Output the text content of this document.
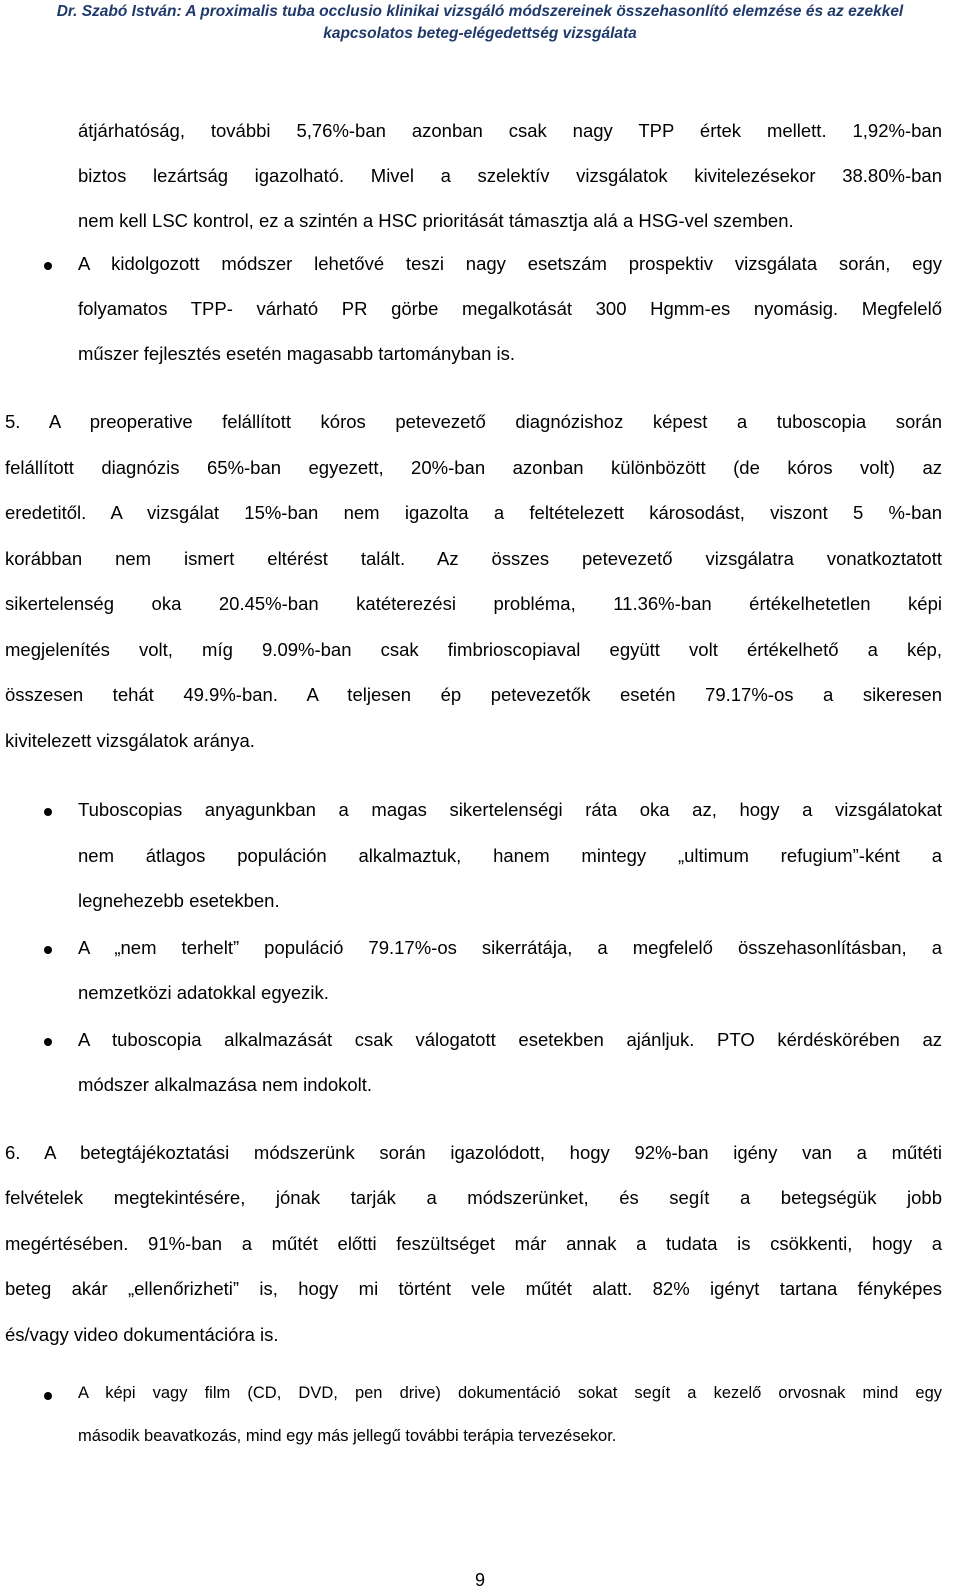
Dr. Szabó István: A proximalis tuba occlusio klinikai vizsgáló módszereinek összehasonlító elemzése és az ezekkel
kapcsolatos beteg-elégedettség vizsgálata
átjárhatóság, további 5,76%-ban azonban csak nagy TPP értek mellett. 1,92%-ban
biztos lezártság igazolható. Mivel a szelektív vizsgálatok kivitelezésekor 38.80%-ban
nem kell LSC kontrol, ez a szintén a HSC prioritását támasztja alá a HSG-vel szemben.
A kidolgozott módszer lehetővé teszi nagy esetszám prospektiv vizsgálata során, egy
folyamatos TPP- várható PR görbe megalkotását 300 Hgmm-es nyomásig. Megfelelő
műszer fejlesztés esetén magasabb tartományban is.
5. A preoperative felállított kóros petevezető diagnózishoz képest a tuboscopia során
felállított diagnózis 65%-ban egyezett, 20%-ban azonban különbözött (de kóros volt) az
eredetitől. A vizsgálat 15%-ban nem igazolta a feltételezett károsodást, viszont 5 %-ban
korábban nem ismert eltérést talált. Az összes petevezető vizsgálatra vonatkoztatott
sikertelenség oka 20.45%-ban katéterezési probléma, 11.36%-ban értékelhetetlen képi
megjelenítés volt, míg 9.09%-ban csak fimbrioscopiaval együtt volt értékelhető a kép,
összesen tehát 49.9%-ban. A teljesen ép petevezetők esetén 79.17%-os a sikeresen
kivitelezett vizsgálatok aránya.
Tuboscopias anyagunkban a magas sikertelenségi ráta oka az, hogy a vizsgálatokat
nem átlagos populáción alkalmaztuk, hanem mintegy „ultimum refugium”-ként a
legnehezebb esetekben.
A „nem terhelt” populáció 79.17%-os sikerrátája, a megfelelő összehasonlításban, a
nemzetközi adatokkal egyezik.
A tuboscopia alkalmazását csak válogatott esetekben ajánljuk. PTO kérdéskörében az
módszer alkalmazása nem indokolt.
6. A betegtájékoztatási módszerünk során igazolódott, hogy 92%-ban igény van a műtéti
felvételek megtekintésére, jónak tarják a módszerünket, és segít a betegségük jobb
megértésében. 91%-ban a műtét előtti feszültséget már annak a tudata is csökkenti, hogy a
beteg akár „ellenőrizheti” is, hogy mi történt vele műtét alatt. 82% igényt tartana fényképes
és/vagy video dokumentációra is.
A képi vagy film (CD, DVD, pen drive) dokumentáció sokat segít a kezelő orvosnak mind egy
második beavatkozás, mind egy más jellegű további terápia tervezésekor.
9
